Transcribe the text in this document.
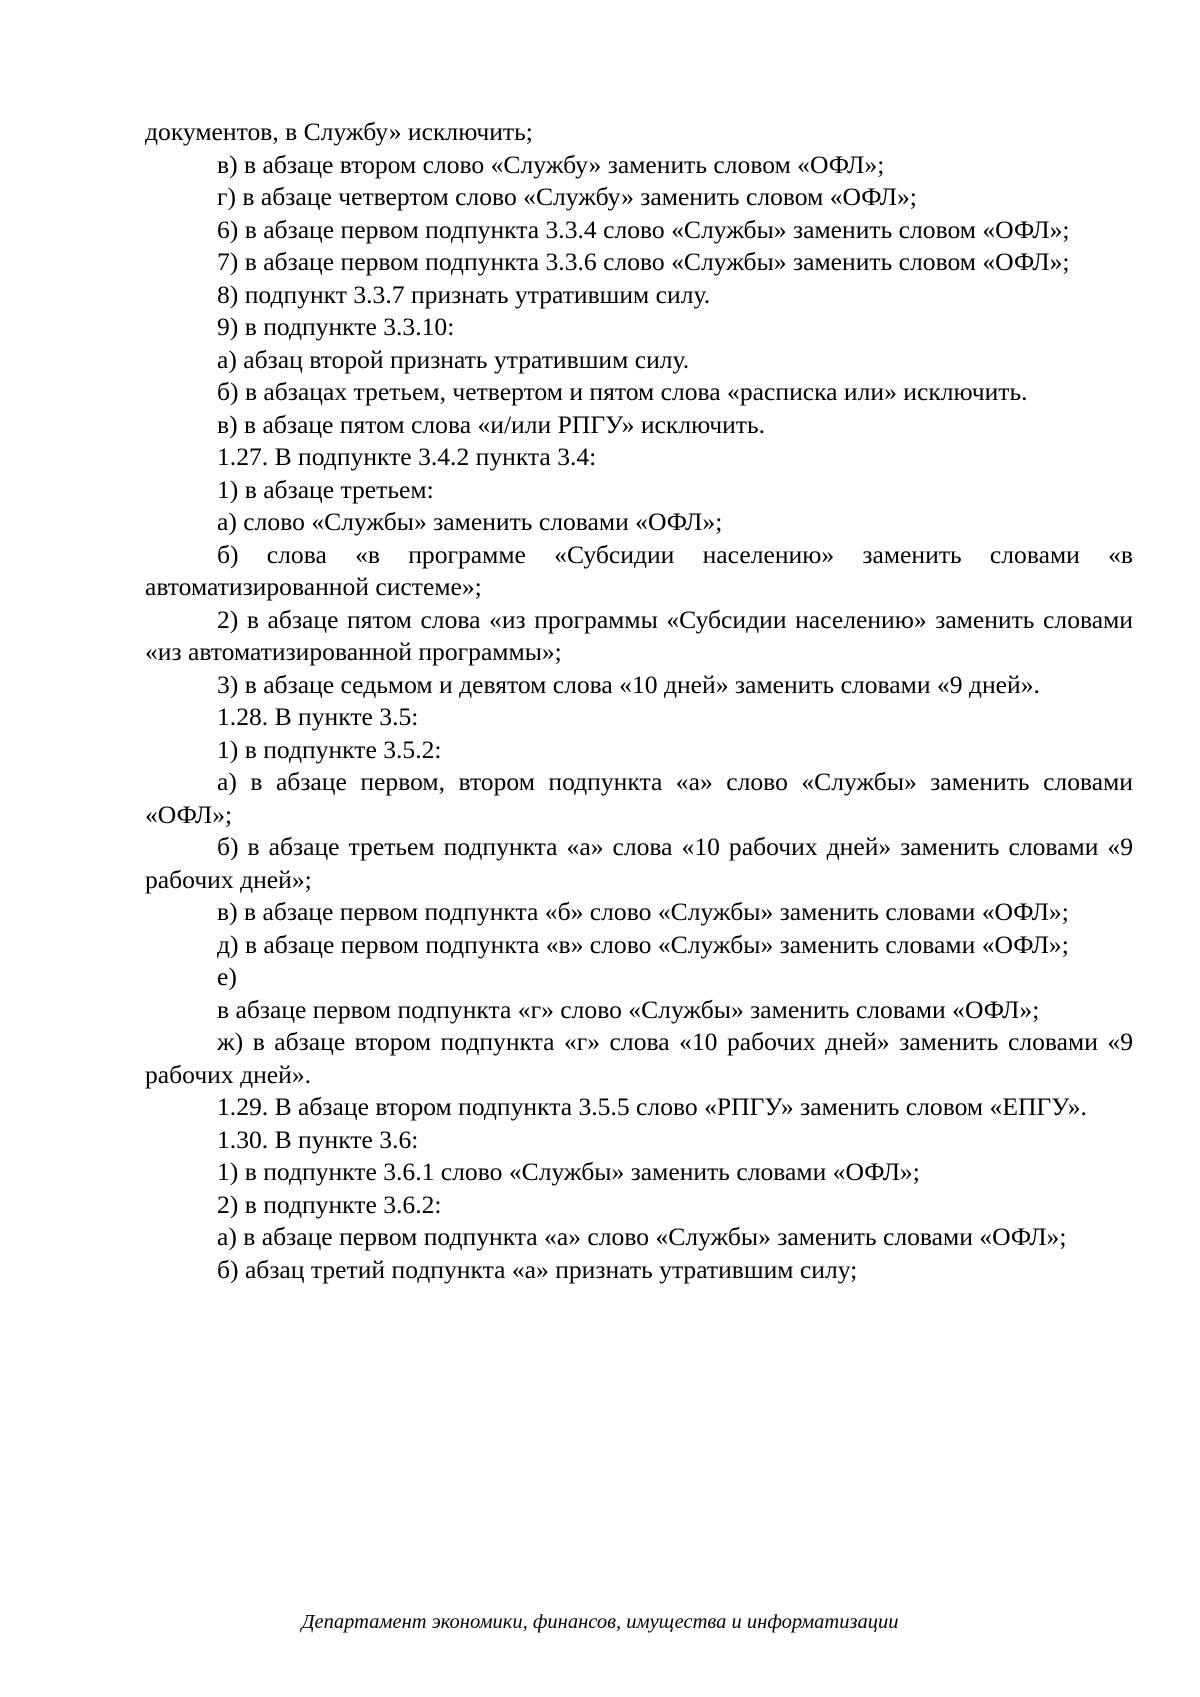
документов, в Службу» исключить;

в) в абзаце втором слово «Службу» заменить словом «ОФЛ»;

г) в абзаце четвертом слово «Службу» заменить словом «ОФЛ»;

6) в абзаце первом подпункта 3.3.4 слово «Службы» заменить словом «ОФЛ»;

7) в абзаце первом подпункта 3.3.6 слово «Службы» заменить словом «ОФЛ»;

8) подпункт 3.3.7 признать утратившим силу.

9) в подпункте 3.3.10:

а) абзац второй признать утратившим силу.

б) в абзацах третьем, четвертом и пятом слова «расписка или» исключить.

в) в абзаце пятом слова «и/или РПГУ» исключить.

1.27. В подпункте 3.4.2 пункта 3.4:

1) в абзаце третьем:

а) слово «Службы» заменить словами «ОФЛ»;

б) слова «в программе «Субсидии населению» заменить словами «в автоматизированной системе»;

2) в абзаце пятом слова «из программы «Субсидии населению» заменить словами «из автоматизированной программы»;

3) в абзаце седьмом и девятом слова «10 дней» заменить словами «9 дней».

1.28. В пункте 3.5:

1) в подпункте 3.5.2:

а) в абзаце первом, втором подпункта «а» слово «Службы» заменить словами «ОФЛ»;

б) в абзаце третьем подпункта «а» слова «10 рабочих дней» заменить словами «9 рабочих дней»;

в) в абзаце первом подпункта «б» слово «Службы» заменить словами «ОФЛ»;

д) в абзаце первом подпункта «в» слово «Службы» заменить словами «ОФЛ»;

е)

в абзаце первом подпункта «г» слово «Службы» заменить словами «ОФЛ»;

ж) в абзаце втором подпункта «г» слова «10 рабочих дней» заменить словами «9 рабочих дней».

1.29. В абзаце втором подпункта 3.5.5 слово «РПГУ» заменить словом «ЕПГУ».

1.30. В пункте 3.6:

1) в подпункте 3.6.1 слово «Службы» заменить словами «ОФЛ»;

2) в подпункте 3.6.2:

а) в абзаце первом подпункта «а» слово «Службы» заменить словами «ОФЛ»;

б) абзац третий подпункта «а» признать утратившим силу;

Департамент экономики, финансов, имущества и информатизации
